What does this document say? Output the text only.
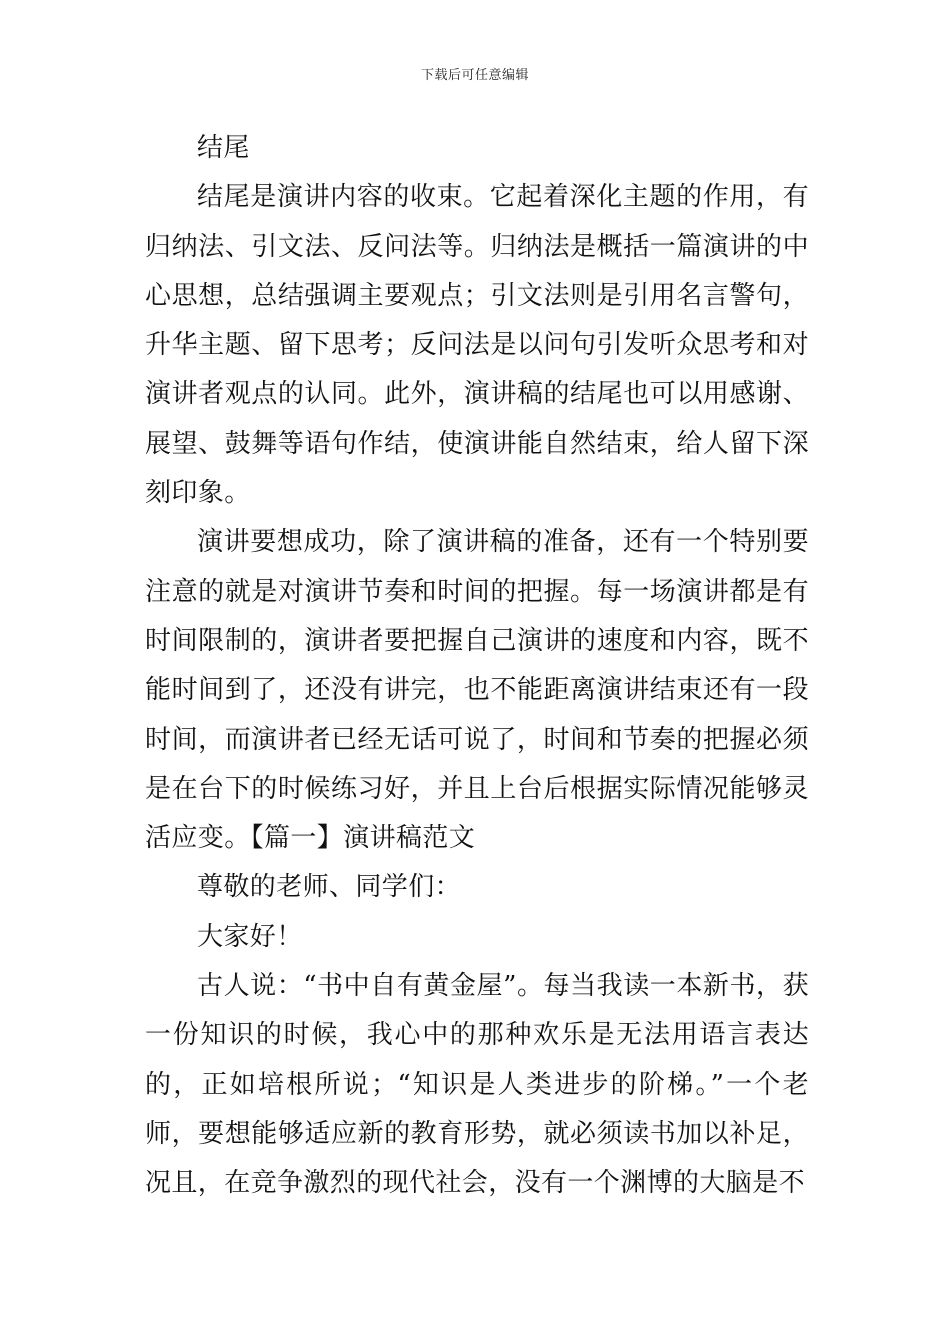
下载后可任意编辑

结尾

结尾是演讲内容的收束。它起着深化主题的作用，有归纳法、引文法、反问法等。归纳法是概括一篇演讲的中心思想，总结强调主要观点；引文法则是引用名言警句，升华主题、留下思考；反问法是以问句引发听众思考和对演讲者观点的认同。此外，演讲稿的结尾也可以用感谢、展望、鼓舞等语句作结，使演讲能自然结束，给人留下深刻印象。

演讲要想成功，除了演讲稿的准备，还有一个特别要注意的就是对演讲节奏和时间的把握。每一场演讲都是有时间限制的，演讲者要把握自己演讲的速度和内容，既不能时间到了，还没有讲完，也不能距离演讲结束还有一段时间，而演讲者已经无话可说了，时间和节奏的把握必须是在台下的时候练习好，并且上台后根据实际情况能够灵活应变。【篇一】演讲稿范文

尊敬的老师、同学们：

大家好！

古人说：“书中自有黄金屋”。每当我读一本新书，获一份知识的时候，我心中的那种欢乐是无法用语言表达的，正如培根所说；“知识是人类进步的阶梯。”一个老师，要想能够适应新的教育形势，就必须读书加以补足，况且，在竞争激烈的现代社会，没有一个渊博的大脑是不
